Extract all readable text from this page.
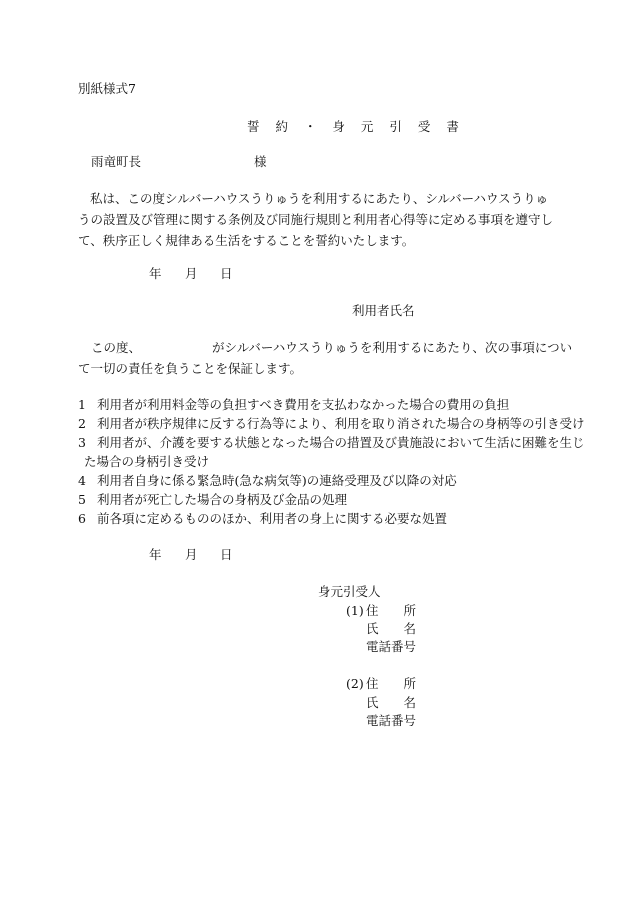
別紙様式7
誓 約 ・ 身 元 引 受 書
雨竜町長	様
私は、この度シルバーハウスうりゅうを利用するにあたり、シルバーハウスうりゅうの設置及び管理に関する条例及び同施行規則と利用者心得等に定める事項を遵守して、秩序正しく規律ある生活をすることを誓約いたします。
年 月 日
利用者氏名
この度、	がシルバーハウスうりゅうを利用するにあたり、次の事項につい
て一切の責任を負うことを保証します。
1 利用者が利用料金等の負担すべき費用を支払わなかった場合の費用の負担
2 利用者が秩序規律に反する行為等により、利用を取り消された場合の身柄等の引き受け
3 利用者が、介護を要する状態となった場合の措置及び貴施設において生活に困難を生じ
た場合の身柄引き受け
4 利用者自身に係る緊急時(急な病気等)の連絡受理及び以降の対応
5 利用者が死亡した場合の身柄及び金品の処理
6 前各項に定めるもののほか、利用者の身上に関する必要な処置
年 月 日
身元引受人
(1) 住　　所
氏　　名
電話番号
(2) 住　　所
氏　　名
電話番号
